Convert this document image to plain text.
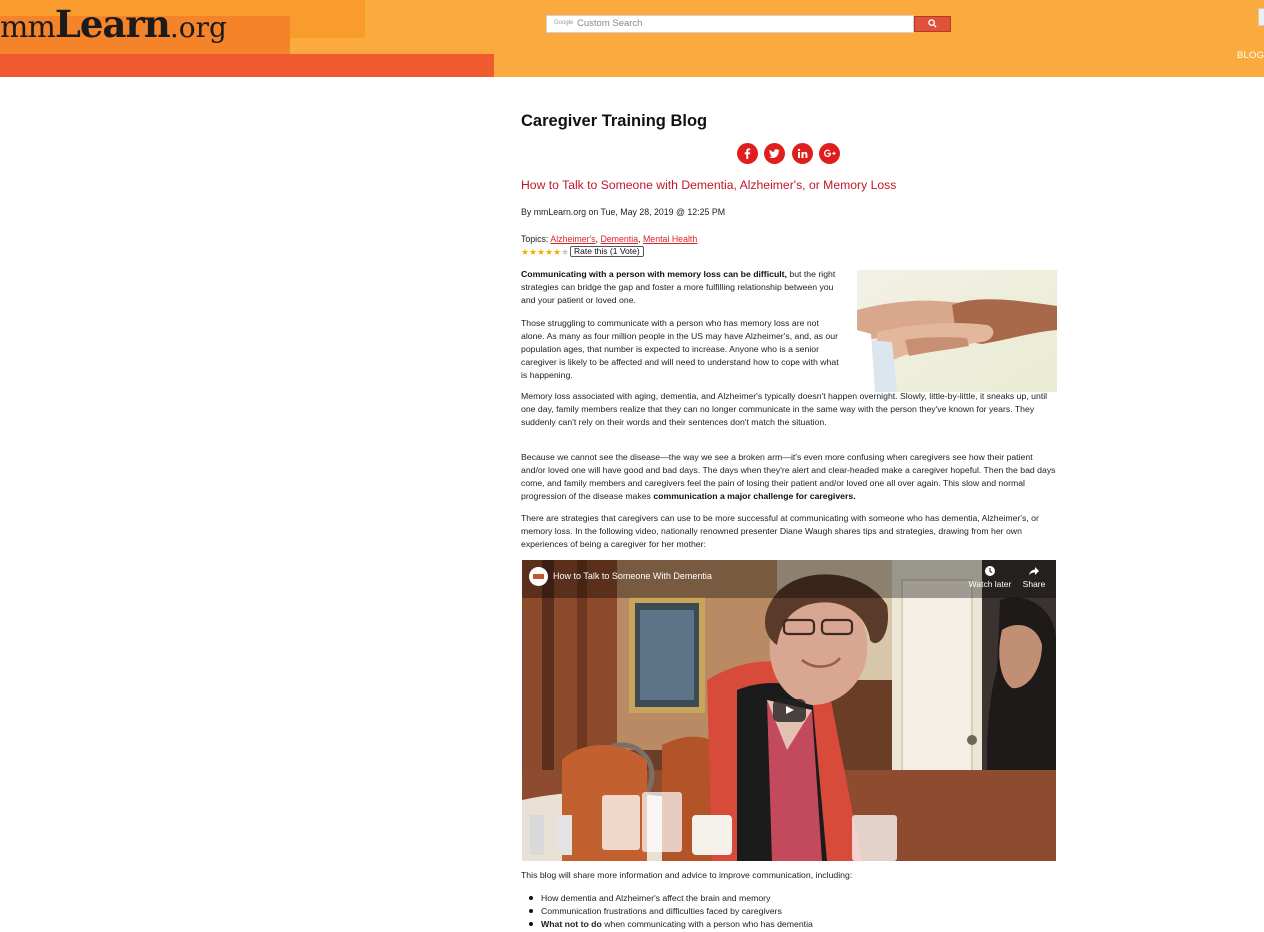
mmLearn.org	Google Custom Search
BLOG
Caregiver Training Blog
How to Talk to Someone with Dementia, Alzheimer's, or Memory Loss
By mmLearn.org on Tue, May 28, 2019 @ 12:25 PM
Topics: Alzheimer's, Dementia, Mental Health
★★★★★★ Rate this (1 Vote)

Communicating with a person with memory loss can be difficult, but the right strategies can bridge the gap and foster a more fulfilling relationship between you and your patient or loved one.

Those struggling to communicate with a person who has memory loss are not alone. As many as four million people in the US may have Alzheimer's, and, as our population ages, that number is expected to increase. Anyone who is a senior caregiver is likely to be affected and will need to understand how to cope with what is happening.

Memory loss associated with aging, dementia, and Alzheimer's typically doesn't happen overnight. Slowly, little-by-little, it sneaks up, until one day, family members realize that they can no longer communicate in the same way with the person they've known for years. They suddenly can't rely on their words and their sentences don't match the situation.

Because we cannot see the disease—the way we see a broken arm—it's even more confusing when caregivers see how their patient and/or loved one will have good and bad days. The days when they're alert and clear-headed make a caregiver hopeful. Then the bad days come, and family members and caregivers feel the pain of losing their patient and/or loved one all over again. This slow and normal progression of the disease makes communication a major challenge for caregivers.

There are strategies that caregivers can use to be more successful at communicating with someone who has dementia, Alzheimer's, or memory loss. In the following video, nationally renowned presenter Diane Waugh shares tips and strategies, drawing from her own experiences of being a caregiver for her mother:

How to Talk to Someone With Dementia
Watch later	Share

This blog will share more information and advice to improve communication, including:

How dementia and Alzheimer's affect the brain and memory
Communication frustrations and difficulties faced by caregivers
What not to do when communicating with a person who has dementia
